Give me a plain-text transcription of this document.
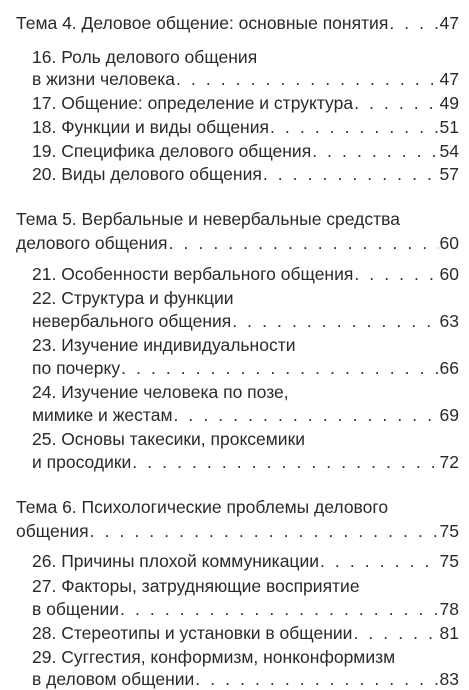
Тема 4. Деловое общение: основные понятия . . .	47
16. Роль делового общения
в жизни человека . . .	47
17. Общение: определение и структура . . .	49
18. Функции и виды общения . . .	51
19. Специфика делового общения . . .	54
20. Виды делового общения . . .	57
Тема 5. Вербальные и невербальные средства
делового общения . . .	60
21. Особенности вербального общения . . .	60
22. Структура и функции
невербального общения . . .	63
23. Изучение индивидуальности
по почерку . . .	66
24. Изучение человека по позе,
мимике и жестам . . .	69
25. Основы такесики, проксемики
и просодики . . .	72
Тема 6. Психологические проблемы делового
общения . . .	75
26. Причины плохой коммуникации . . .	75
27. Факторы, затрудняющие восприятие
в общении . . .	78
28. Стереотипы и установки в общении . . .	81
29. Суггестия, конформизм, нонконформизм
в деловом общении . . .	83
